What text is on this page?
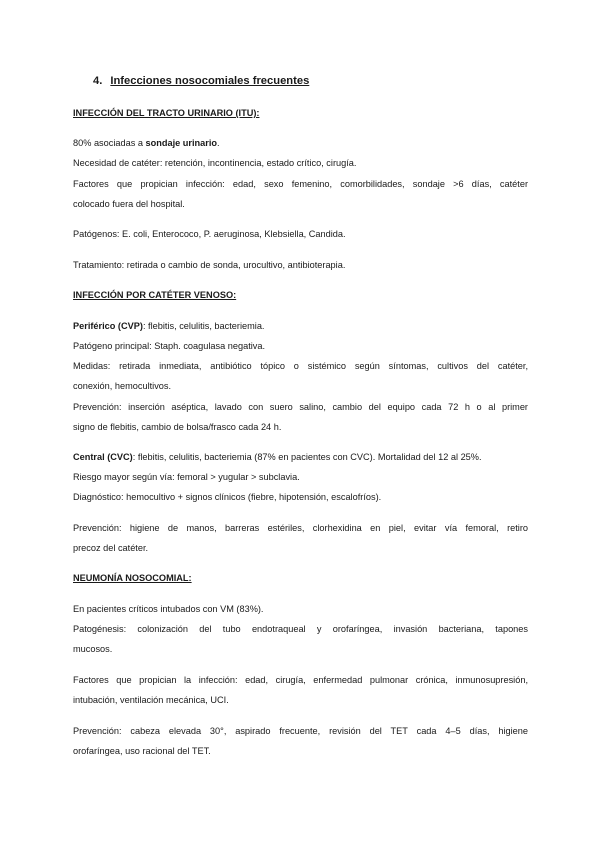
4. Infecciones nosocomiales frecuentes
INFECCIÓN DEL TRACTO URINARIO (ITU):
80% asociadas a sondaje urinario.
Necesidad de catéter: retención, incontinencia, estado crítico, cirugía.
Factores que propician infección: edad, sexo femenino, comorbilidades, sondaje >6 días, catéter
colocado fuera del hospital.
Patógenos: E. coli, Enterococo, P. aeruginosa, Klebsiella, Candida.
Tratamiento: retirada o cambio de sonda, urocultivo, antibioterapia.
INFECCIÓN POR CATÉTER VENOSO:
Periférico (CVP): flebitis, celulitis, bacteriemia.
Patógeno principal: Staph. coagulasa negativa.
Medidas: retirada inmediata, antibiótico tópico o sistémico según síntomas, cultivos del catéter,
conexión, hemocultivos.
Prevención: inserción aséptica, lavado con suero salino, cambio del equipo cada 72 h o al primer
signo de flebitis, cambio de bolsa/frasco cada 24 h.
Central (CVC): flebitis, celulitis, bacteriemia (87% en pacientes con CVC). Mortalidad del 12 al 25%.
Riesgo mayor según vía: femoral > yugular > subclavia.
Diagnóstico: hemocultivo + signos clínicos (fiebre, hipotensión, escalofríos).
Prevención: higiene de manos, barreras estériles, clorhexidina en piel, evitar vía femoral, retiro
precoz del catéter.
NEUMONÍA NOSOCOMIAL:
En pacientes críticos intubados con VM (83%).
Patogénesis: colonización del tubo endotraqueal y orofaríngea, invasión bacteriana, tapones
mucosos.
Factores que propician la infección: edad, cirugía, enfermedad pulmonar crónica, inmunosupresión,
intubación, ventilación mecánica, UCI.
Prevención: cabeza elevada 30°, aspirado frecuente, revisión del TET cada 4–5 días, higiene
orofaríngea, uso racional del TET.
